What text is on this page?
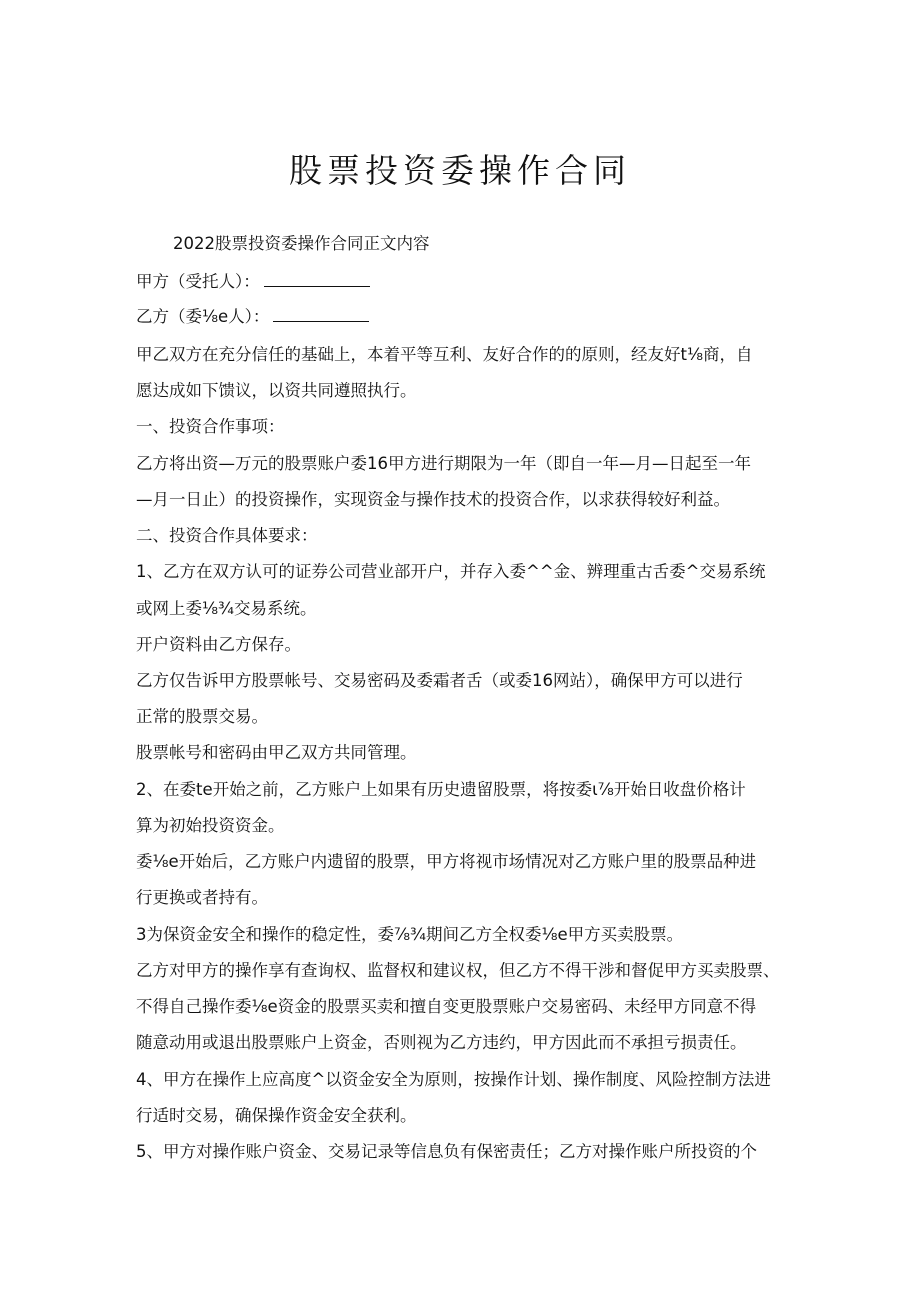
股票投资委操作合同
2022股票投资委操作合同正文内容
甲方（受托人）：
乙方（委⅛e人）：
甲乙双方在充分信任的基础上，本着平等互利、友好合作的的原则，经友好t⅛商，自
愿达成如下馈议，以资共同遵照执行。
一、投资合作事项：
乙方将出资—万元的股票账户委16甲方进行期限为一年（即自一年—月—日起至一年
—月一日止）的投资操作，实现资金与操作技术的投资合作，以求获得较好利益。
二、投资合作具体要求：
1、乙方在双方认可的证券公司营业部开户，并存入委^^金、辨理重古舌委^交易系统
或网上委⅛¾交易系统。
开户资料由乙方保存。
乙方仅告诉甲方股票帐号、交易密码及委霜者舌（或委16网站），确保甲方可以进行
正常的股票交易。
股票帐号和密码由甲乙双方共同管理。
2、在委te开始之前，乙方账户上如果有历史遗留股票，将按委ι⅞开始日收盘价格计
算为初始投资资金。
委⅛e开始后，乙方账户内遗留的股票，甲方将视市场情况对乙方账户里的股票品种进
行更换或者持有。
3为保资金安全和操作的稳定性，委⅞¾期间乙方全权委⅛e甲方买卖股票。
乙方对甲方的操作享有查询权、监督权和建议权，但乙方不得干涉和督促甲方买卖股票、
不得自己操作委⅛e资金的股票买卖和擅自变更股票账户交易密码、未经甲方同意不得
随意动用或退出股票账户上资金，否则视为乙方违约，甲方因此而不承担亏损责任。
4、甲方在操作上应高度^以资金安全为原则，按操作计划、操作制度、风险控制方法进
行适时交易，确保操作资金安全获利。
5、甲方对操作账户资金、交易记录等信息负有保密责任；乙方对操作账户所投资的个
